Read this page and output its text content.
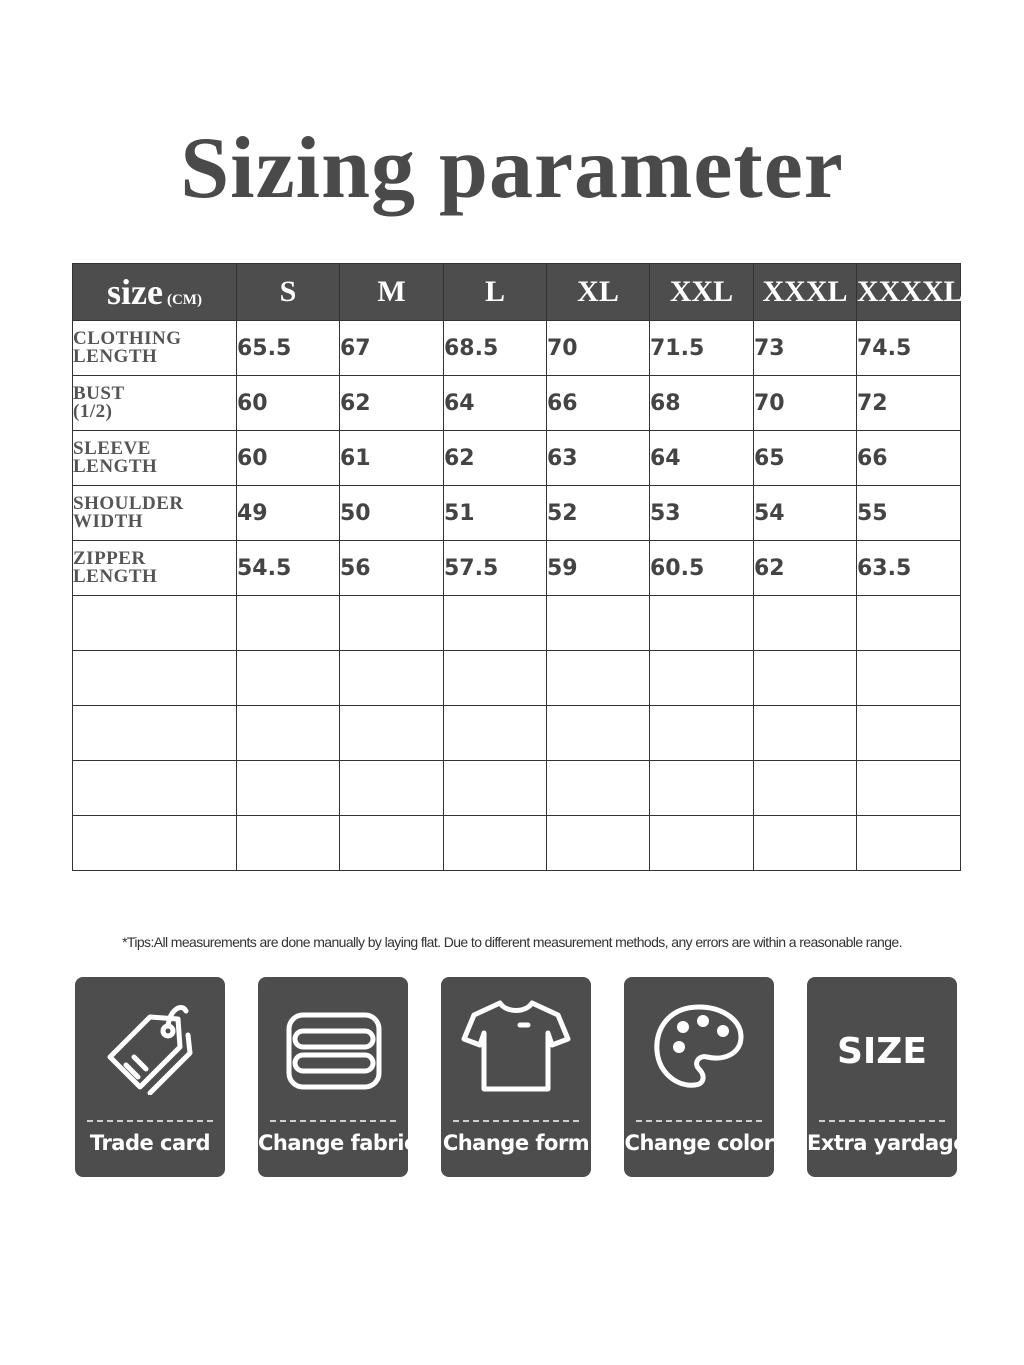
Sizing parameter
size (CM)	S	M	L	XL	XXL	XXXL	XXXXL

CLOTHING
LENGTH	65.5	67	68.5	70	71.5	73	74.5

BUST
(1/2)	60	62	64	66	68	70	72

SLEEVE
LENGTH	60	61	62	63	64	65	66

SHOULDER
WIDTH	49	50	51	52	53	54	55

ZIPPER
LENGTH	54.5	56	57.5	59	60.5	62	63.5

*Tips:All measurements are done manually by laying flat. Due to different measurement methods, any errors are within a reasonable range.
Trade card	Change fabric Change form Change color
SIZE
Extra yardage
